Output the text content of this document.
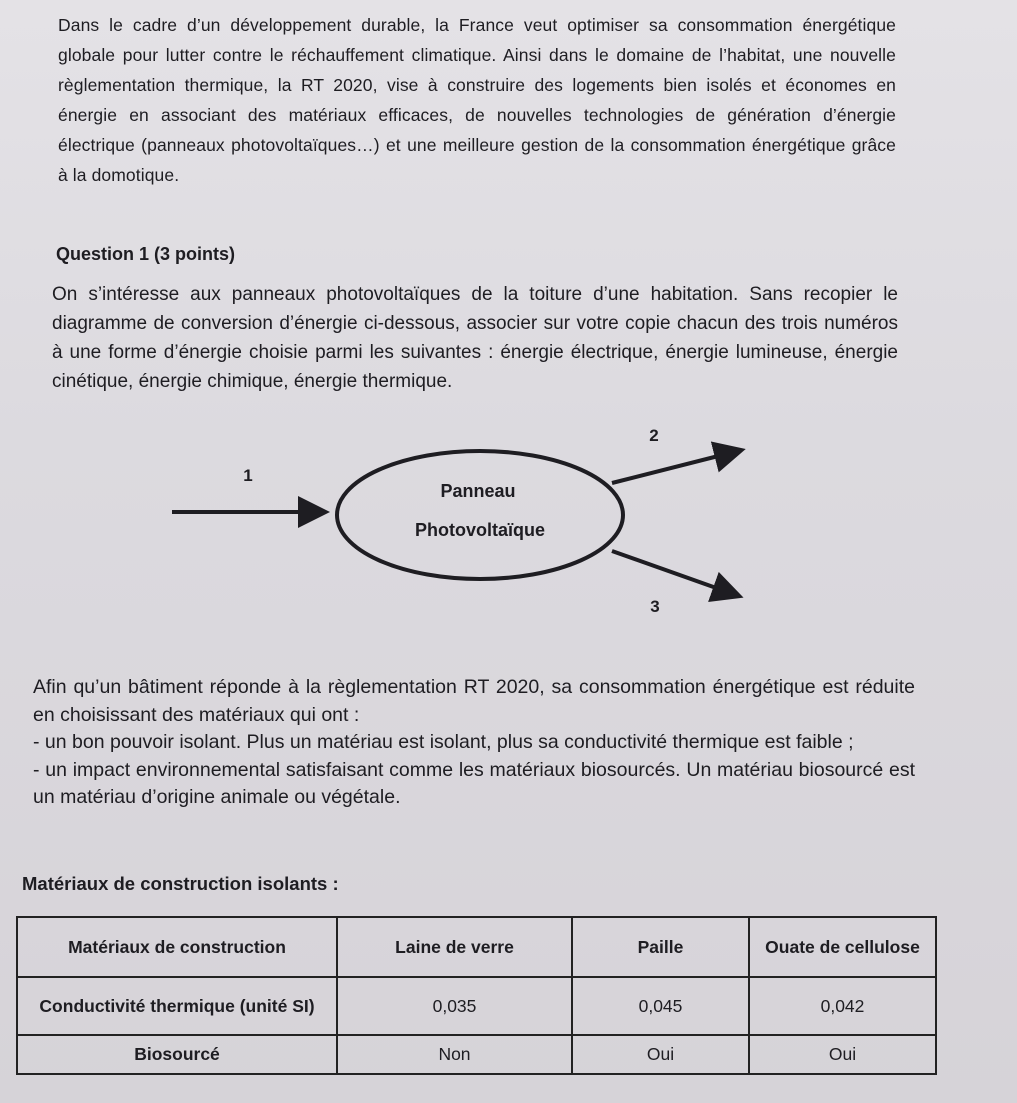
Dans le cadre d’un développement durable, la France veut optimiser sa consommation énergétique globale pour lutter contre le réchauffement climatique. Ainsi dans le domaine de l’habitat, une nouvelle règlementation thermique, la RT 2020, vise à construire des logements bien isolés et économes en énergie en associant des matériaux efficaces, de nouvelles technologies de génération d’énergie électrique (panneaux photovoltaïques…) et une meilleure gestion de la consommation énergétique grâce à la domotique.

Question 1 (3 points)

On s’intéresse aux panneaux photovoltaïques de la toiture d’une habitation. Sans recopier le diagramme de conversion d’énergie ci-dessous, associer sur votre copie chacun des trois numéros à une forme d’énergie choisie parmi les suivantes : énergie électrique, énergie lumineuse, énergie cinétique, énergie chimique, énergie thermique.

Panneau
Photovoltaïque
1
2
3

Afin qu’un bâtiment réponde à la règlementation RT 2020, sa consommation énergétique est réduite en choisissant des matériaux qui ont :

- un bon pouvoir isolant. Plus un matériau est isolant, plus sa conductivité thermique est faible ;

- un impact environnemental satisfaisant comme les matériaux biosourcés. Un matériau biosourcé est un matériau d’origine animale ou végétale.

Matériaux de construction isolants :
Matériaux de construction	Laine de verre	Paille	Ouate de cellulose
Conductivité thermique (unité SI)	0,035	0,045	0,042
Biosourcé	Non	Oui	Oui
